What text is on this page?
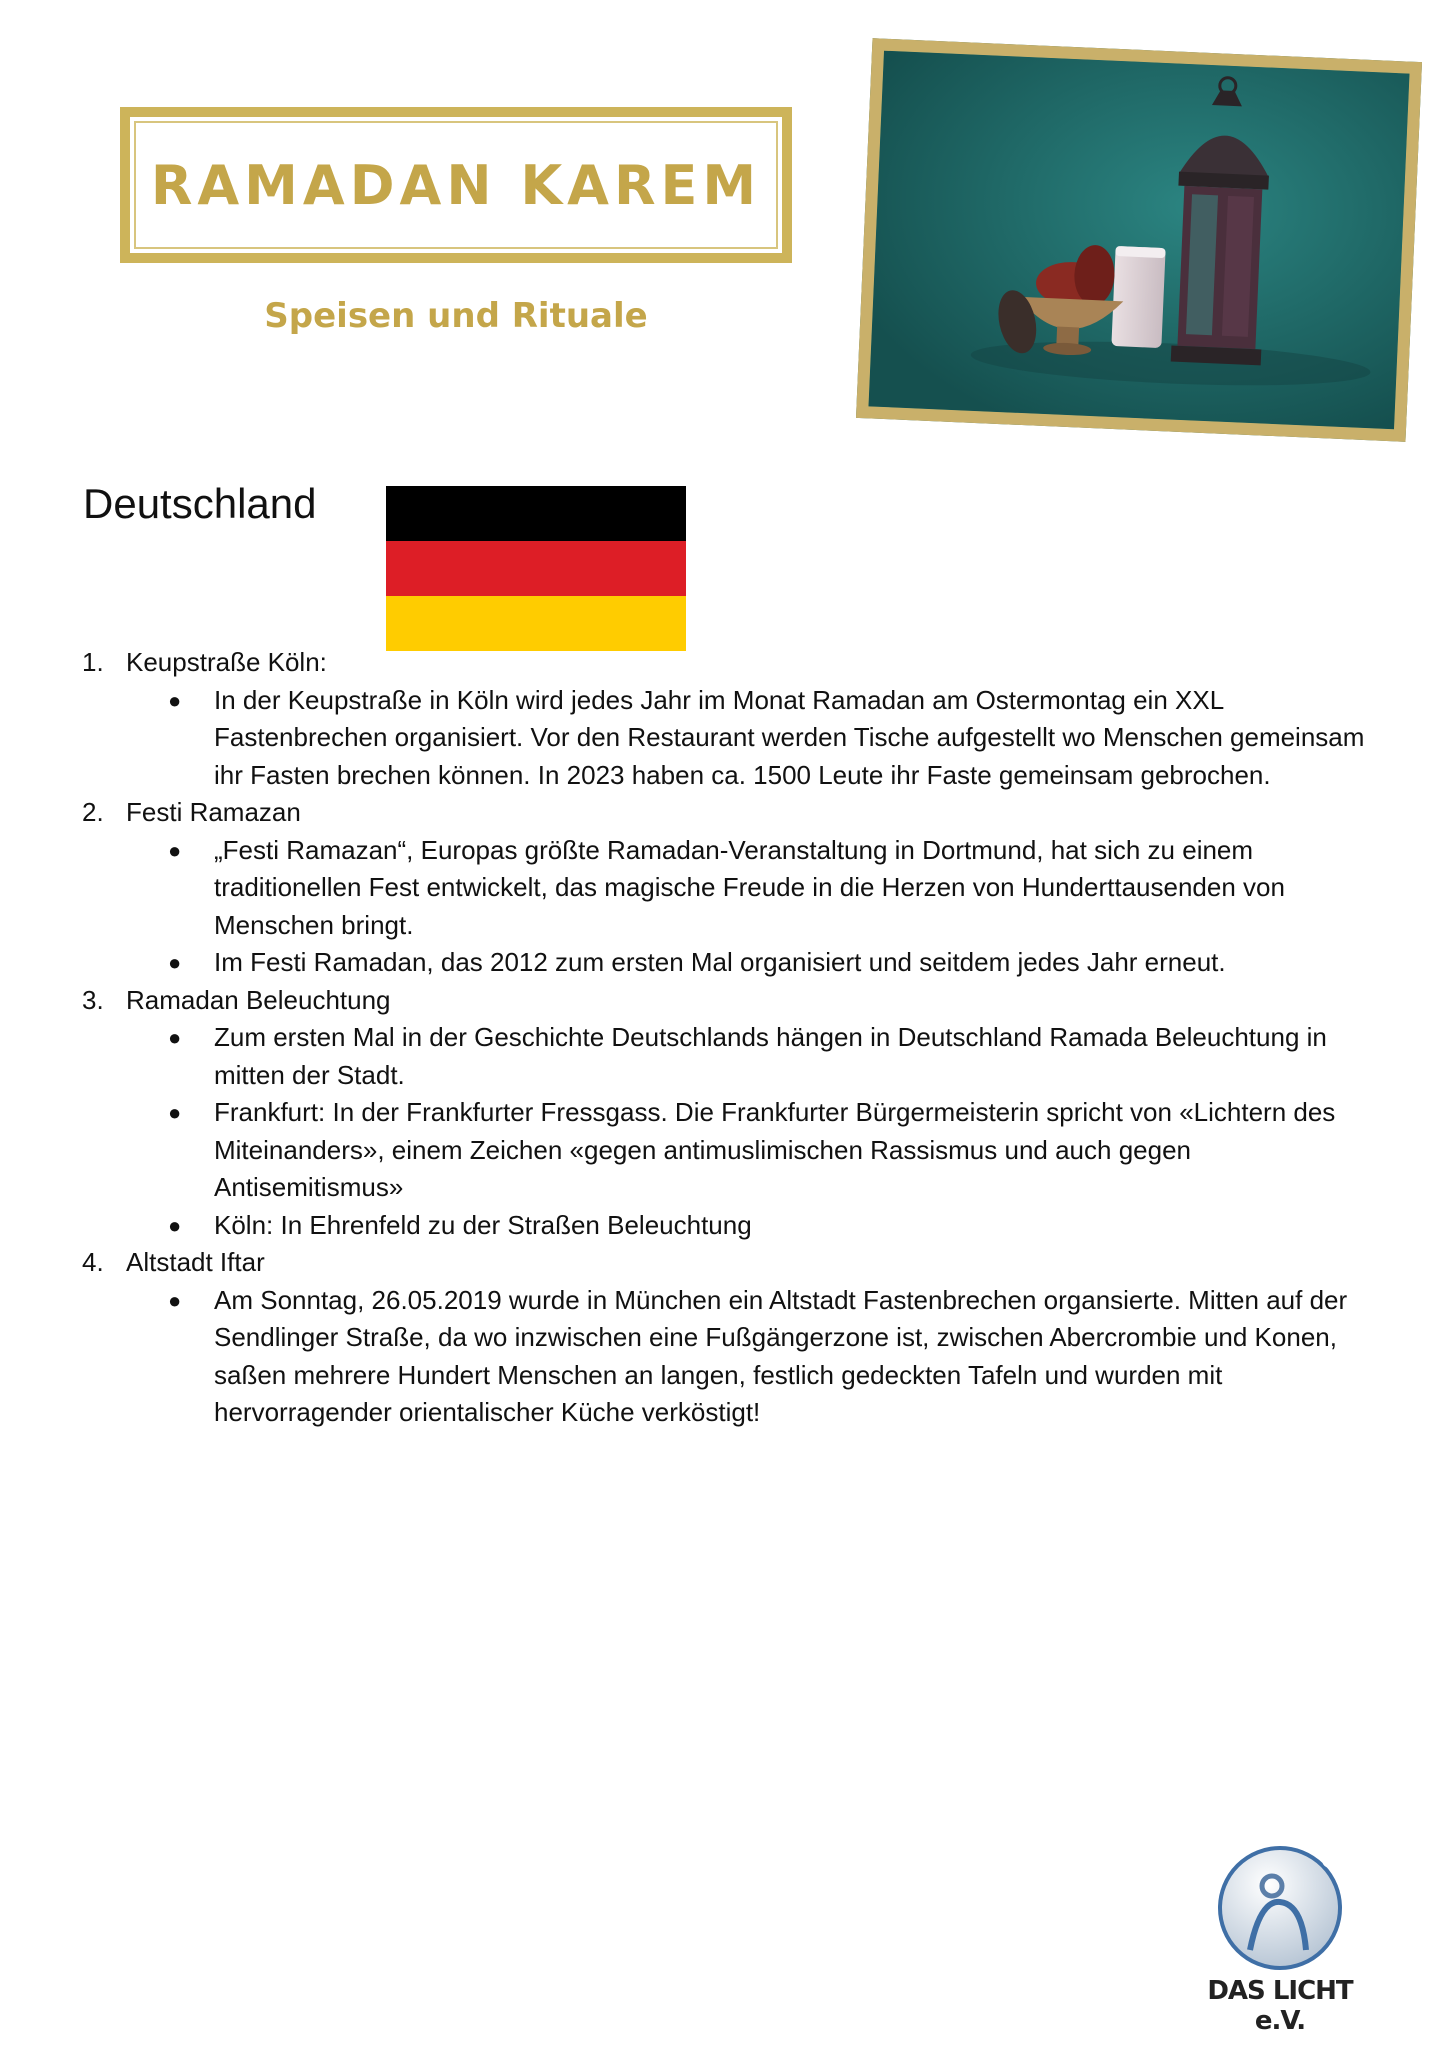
RAMADAN KAREM
Speisen und Rituale
Deutschland
1. Keupstraße Köln:
● In der Keupstraße in Köln wird jedes Jahr im Monat Ramadan am Ostermontag ein XXL Fastenbrechen organisiert. Vor den Restaurant werden Tische aufgestellt wo Menschen gemeinsam ihr Fasten brechen können. In 2023 haben ca. 1500 Leute ihr Faste gemeinsam gebrochen.
2. Festi Ramazan
● „Festi Ramazan“, Europas größte Ramadan-Veranstaltung in Dortmund, hat sich zu einem traditionellen Fest entwickelt, das magische Freude in die Herzen von Hunderttausenden von Menschen bringt.
● Im Festi Ramadan, das 2012 zum ersten Mal organisiert und seitdem jedes Jahr erneut.
3. Ramadan Beleuchtung
● Zum ersten Mal in der Geschichte Deutschlands hängen in Deutschland Ramada Beleuchtung in mitten der Stadt.
● Frankfurt: In der Frankfurter Fressgass. Die Frankfurter Bürgermeisterin spricht von «Lichtern des Miteinanders», einem Zeichen «gegen antimuslimischen Rassismus und auch gegen Antisemitismus»
● Köln: In Ehrenfeld zu der Straßen Beleuchtung
4. Altstadt Iftar
● Am Sonntag, 26.05.2019 wurde in München ein Altstadt Fastenbrechen organsierte. Mitten auf der Sendlinger Straße, da wo inzwischen eine Fußgängerzone ist, zwischen Abercrombie und Konen, saßen mehrere Hundert Menschen an langen, festlich gedeckten Tafeln und wurden mit hervorragender orientalischer Küche verköstigt!
DAS LICHT e.V.
